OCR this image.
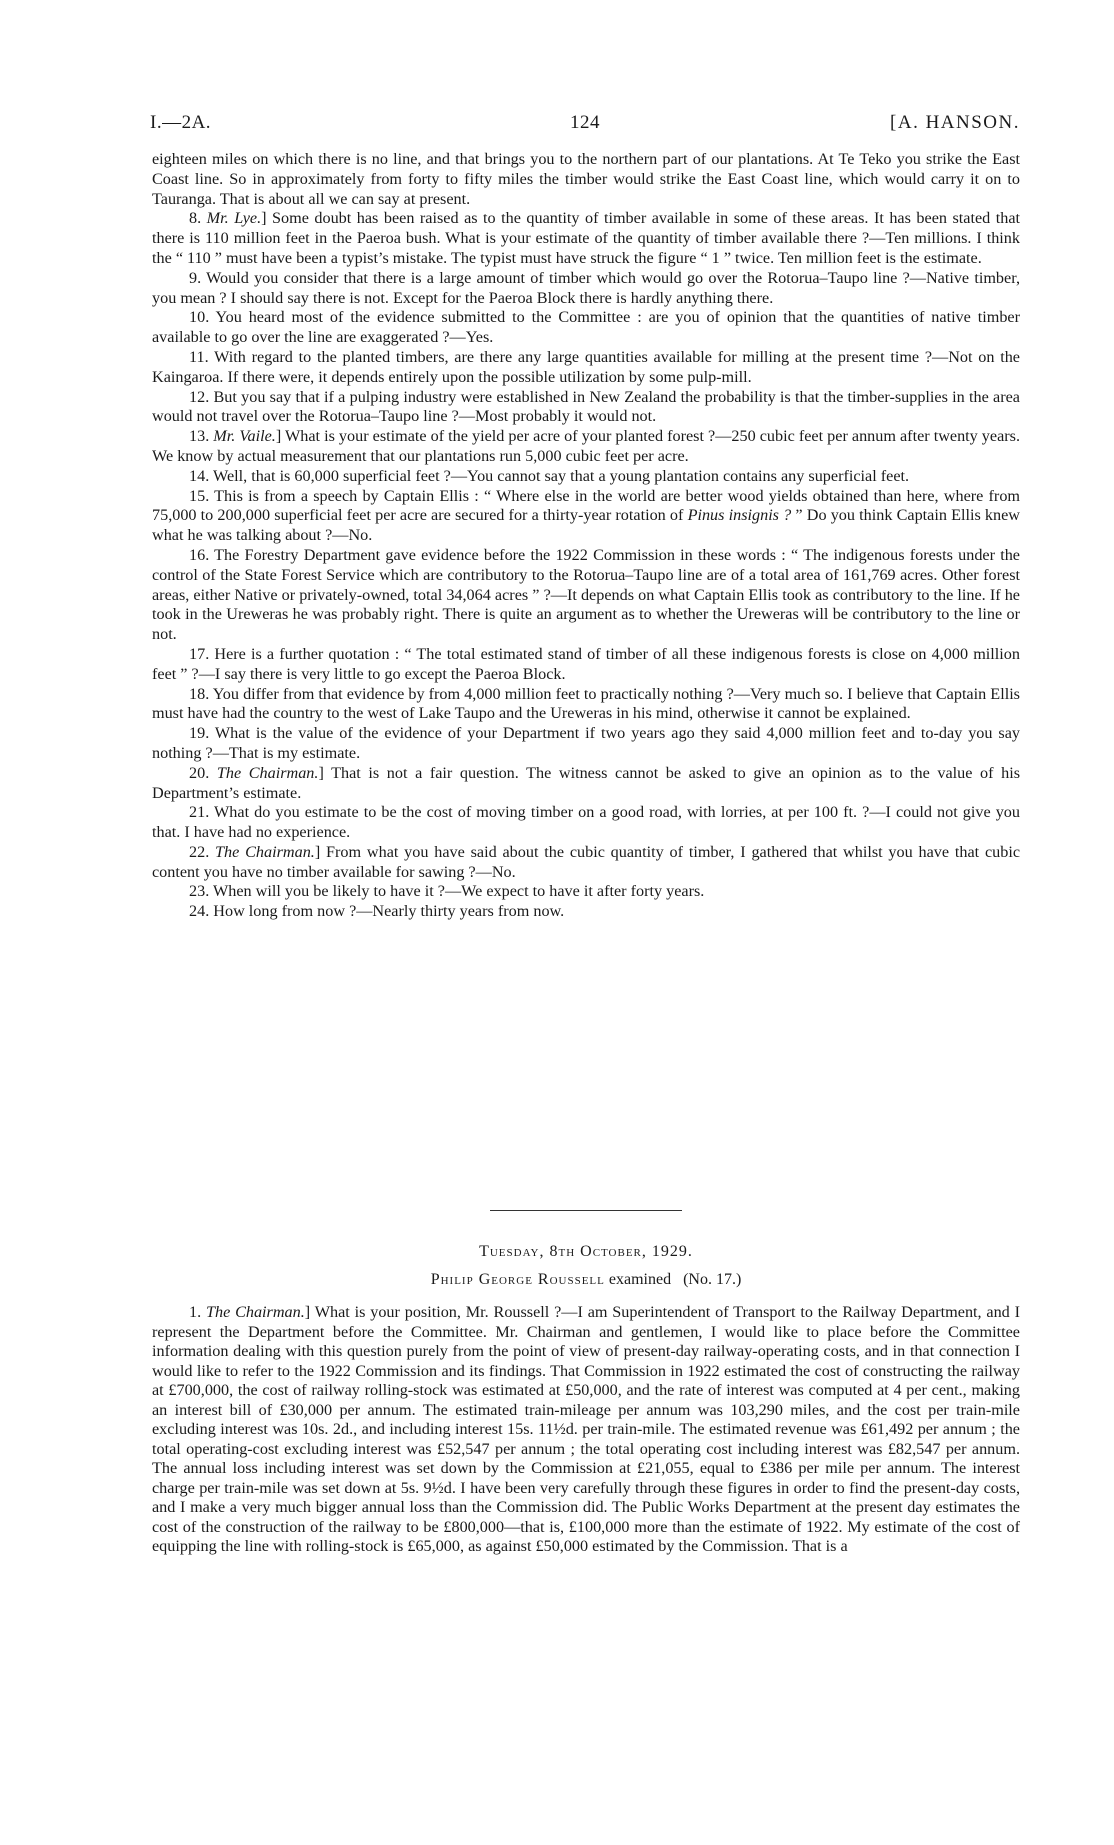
I.—2A.	124	[A. HANSON.

eighteen miles on which there is no line, and that brings you to the northern part of our plantations. At Te Teko you strike the East Coast line. So in approximately from forty to fifty miles the timber would strike the East Coast line, which would carry it on to Tauranga. That is about all we can say at present.

8. Mr. Lye.] Some doubt has been raised as to the quantity of timber available in some of these areas. It has been stated that there is 110 million feet in the Paeroa bush. What is your estimate of the quantity of timber available there ?—Ten millions. I think the “ 110 ” must have been a typist’s mistake. The typist must have struck the figure “ 1 ” twice. Ten million feet is the estimate.

9. Would you consider that there is a large amount of timber which would go over the Rotorua–Taupo line ?—Native timber, you mean ? I should say there is not. Except for the Paeroa Block there is hardly anything there.

10. You heard most of the evidence submitted to the Committee : are you of opinion that the quantities of native timber available to go over the line are exaggerated ?—Yes.

11. With regard to the planted timbers, are there any large quantities available for milling at the present time ?—Not on the Kaingaroa. If there were, it depends entirely upon the possible utilization by some pulp-mill.

12. But you say that if a pulping industry were established in New Zealand the probability is that the timber-supplies in the area would not travel over the Rotorua–Taupo line ?—Most probably it would not.

13. Mr. Vaile.] What is your estimate of the yield per acre of your planted forest ?—250 cubic feet per annum after twenty years. We know by actual measurement that our plantations run 5,000 cubic feet per acre.

14. Well, that is 60,000 superficial feet ?—You cannot say that a young plantation contains any superficial feet.

15. This is from a speech by Captain Ellis : “ Where else in the world are better wood yields obtained than here, where from 75,000 to 200,000 superficial feet per acre are secured for a thirty-year rotation of Pinus insignis ? ” Do you think Captain Ellis knew what he was talking about ?—No.

16. The Forestry Department gave evidence before the 1922 Commission in these words : “ The indigenous forests under the control of the State Forest Service which are contributory to the Rotorua–Taupo line are of a total area of 161,769 acres. Other forest areas, either Native or privately-owned, total 34,064 acres ” ?—It depends on what Captain Ellis took as contributory to the line. If he took in the Ureweras he was probably right. There is quite an argument as to whether the Ureweras will be contributory to the line or not.

17. Here is a further quotation : “ The total estimated stand of timber of all these indigenous forests is close on 4,000 million feet ” ?—I say there is very little to go except the Paeroa Block.

18. You differ from that evidence by from 4,000 million feet to practically nothing ?—Very much so. I believe that Captain Ellis must have had the country to the west of Lake Taupo and the Ureweras in his mind, otherwise it cannot be explained.

19. What is the value of the evidence of your Department if two years ago they said 4,000 million feet and to-day you say nothing ?—That is my estimate.

20. The Chairman.] That is not a fair question. The witness cannot be asked to give an opinion as to the value of his Department’s estimate.

21. What do you estimate to be the cost of moving timber on a good road, with lorries, at per 100 ft. ?—I could not give you that. I have had no experience.

22. The Chairman.] From what you have said about the cubic quantity of timber, I gathered that whilst you have that cubic content you have no timber available for sawing ?—No.

23. When will you be likely to have it ?—We expect to have it after forty years.

24. How long from now ?—Nearly thirty years from now.

Tuesday, 8th October, 1929.
Philip George Roussell examined (No. 17.)

1. The Chairman.] What is your position, Mr. Roussell ?—I am Superintendent of Transport to the Railway Department, and I represent the Department before the Committee. Mr. Chairman and gentlemen, I would like to place before the Committee information dealing with this question purely from the point of view of present-day railway-operating costs, and in that connection I would like to refer to the 1922 Commission and its findings. That Commission in 1922 estimated the cost of constructing the railway at £700,000, the cost of railway rolling-stock was estimated at £50,000, and the rate of interest was computed at 4 per cent., making an interest bill of £30,000 per annum. The estimated train-mileage per annum was 103,290 miles, and the cost per train-mile excluding interest was 10s. 2d., and including interest 15s. 11½d. per train-mile. The estimated revenue was £61,492 per annum ; the total operating-cost excluding interest was £52,547 per annum ; the total operating cost including interest was £82,547 per annum. The annual loss including interest was set down by the Commission at £21,055, equal to £386 per mile per annum. The interest charge per train-mile was set down at 5s. 9½d. I have been very carefully through these figures in order to find the present-day costs, and I make a very much bigger annual loss than the Commission did. The Public Works Department at the present day estimates the cost of the construction of the railway to be £800,000—that is, £100,000 more than the estimate of 1922. My estimate of the cost of equipping the line with rolling-stock is £65,000, as against £50,000 estimated by the Commission. That is a
